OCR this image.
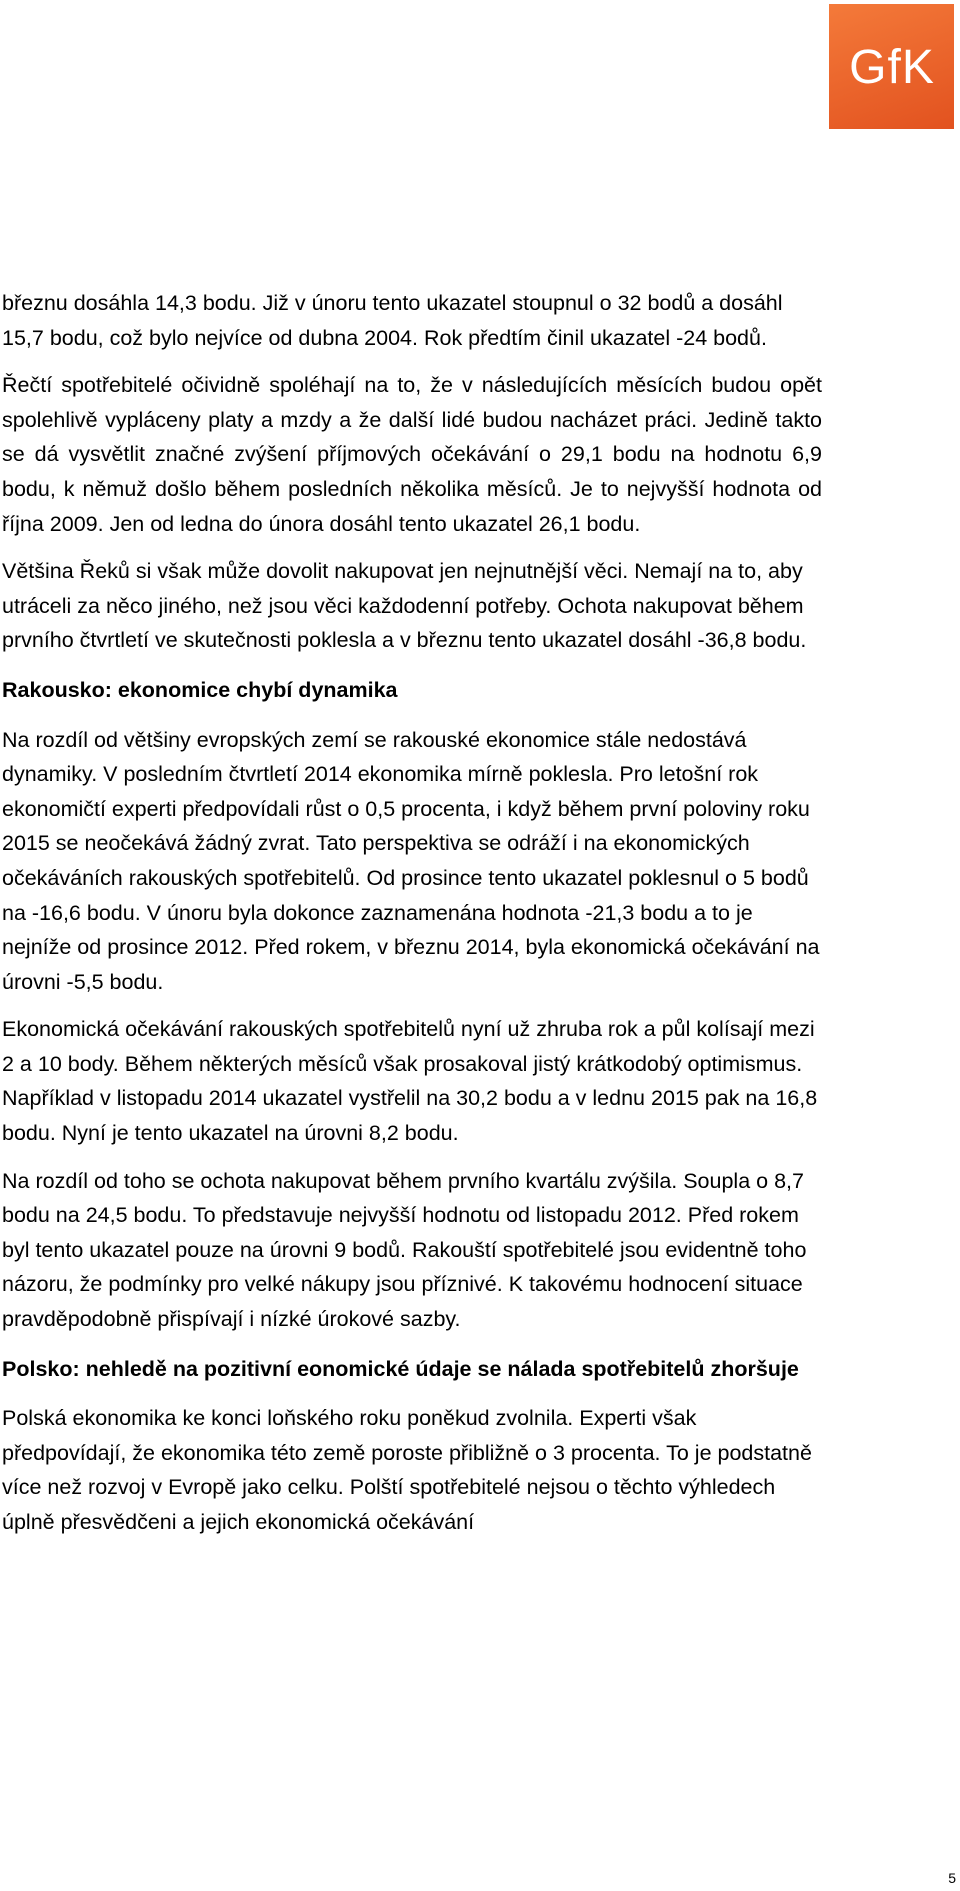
GfK

březnu dosáhla 14,3 bodu. Již v únoru tento ukazatel stoupnul o 32 bodů a dosáhl 15,7 bodu, což bylo nejvíce od dubna 2004. Rok předtím činil ukazatel -24 bodů.

Řečtí spotřebitelé očividně spoléhají na to, že v následujících měsících budou opět spolehlivě vypláceny platy a mzdy a že další lidé budou nacházet práci. Jedině takto se dá vysvětlit značné zvýšení příjmových očekávání o 29,1 bodu na hodnotu 6,9 bodu, k němuž došlo během posledních několika měsíců. Je to nejvyšší hodnota od října 2009. Jen od ledna do února dosáhl tento ukazatel 26,1 bodu.

Většina Řeků si však může dovolit nakupovat jen nejnutnější věci. Nemají na to, aby utráceli za něco jiného, než jsou věci každodenní potřeby. Ochota nakupovat během prvního čtvrtletí ve skutečnosti poklesla a v březnu tento ukazatel dosáhl -36,8 bodu.

Rakousko: ekonomice chybí dynamika

Na rozdíl od většiny evropských zemí se rakouské ekonomice stále nedostává dynamiky. V posledním čtvrtletí 2014 ekonomika mírně poklesla. Pro letošní rok ekonomičtí experti předpovídali růst o 0,5 procenta, i když během první poloviny roku 2015 se neočekává žádný zvrat. Tato perspektiva se odráží i na ekonomických očekáváních rakouských spotřebitelů. Od prosince tento ukazatel poklesnul o 5 bodů na -16,6 bodu. V únoru byla dokonce zaznamenána hodnota -21,3 bodu a to je nejníže od prosince 2012. Před rokem, v březnu 2014, byla ekonomická očekávání na úrovni -5,5 bodu.

Ekonomická očekávání rakouských spotřebitelů nyní už zhruba rok a půl kolísají mezi 2 a 10 body. Během některých měsíců však prosakoval jistý krátkodobý optimismus. Například v listopadu 2014 ukazatel vystřelil na 30,2 bodu a v lednu 2015 pak na 16,8 bodu. Nyní je tento ukazatel na úrovni 8,2 bodu.

Na rozdíl od toho se ochota nakupovat během prvního kvartálu zvýšila. Soupla o 8,7 bodu na 24,5 bodu. To představuje nejvyšší hodnotu od listopadu 2012. Před rokem byl tento ukazatel pouze na úrovni 9 bodů. Rakouští spotřebitelé jsou evidentně toho názoru, že podmínky pro velké nákupy jsou příznivé. K takovému hodnocení situace pravděpodobně přispívají i nízké úrokové sazby.

Polsko: nehledě na pozitivní eonomické údaje se nálada spotřebitelů zhoršuje

Polská ekonomika ke konci loňského roku poněkud zvolnila. Experti však předpovídají, že ekonomika této země poroste přibližně o 3 procenta. To je podstatně více než rozvoj v Evropě jako celku. Polští spotřebitelé nejsou o těchto výhledech úplně přesvědčeni a jejich ekonomická očekávání

5
